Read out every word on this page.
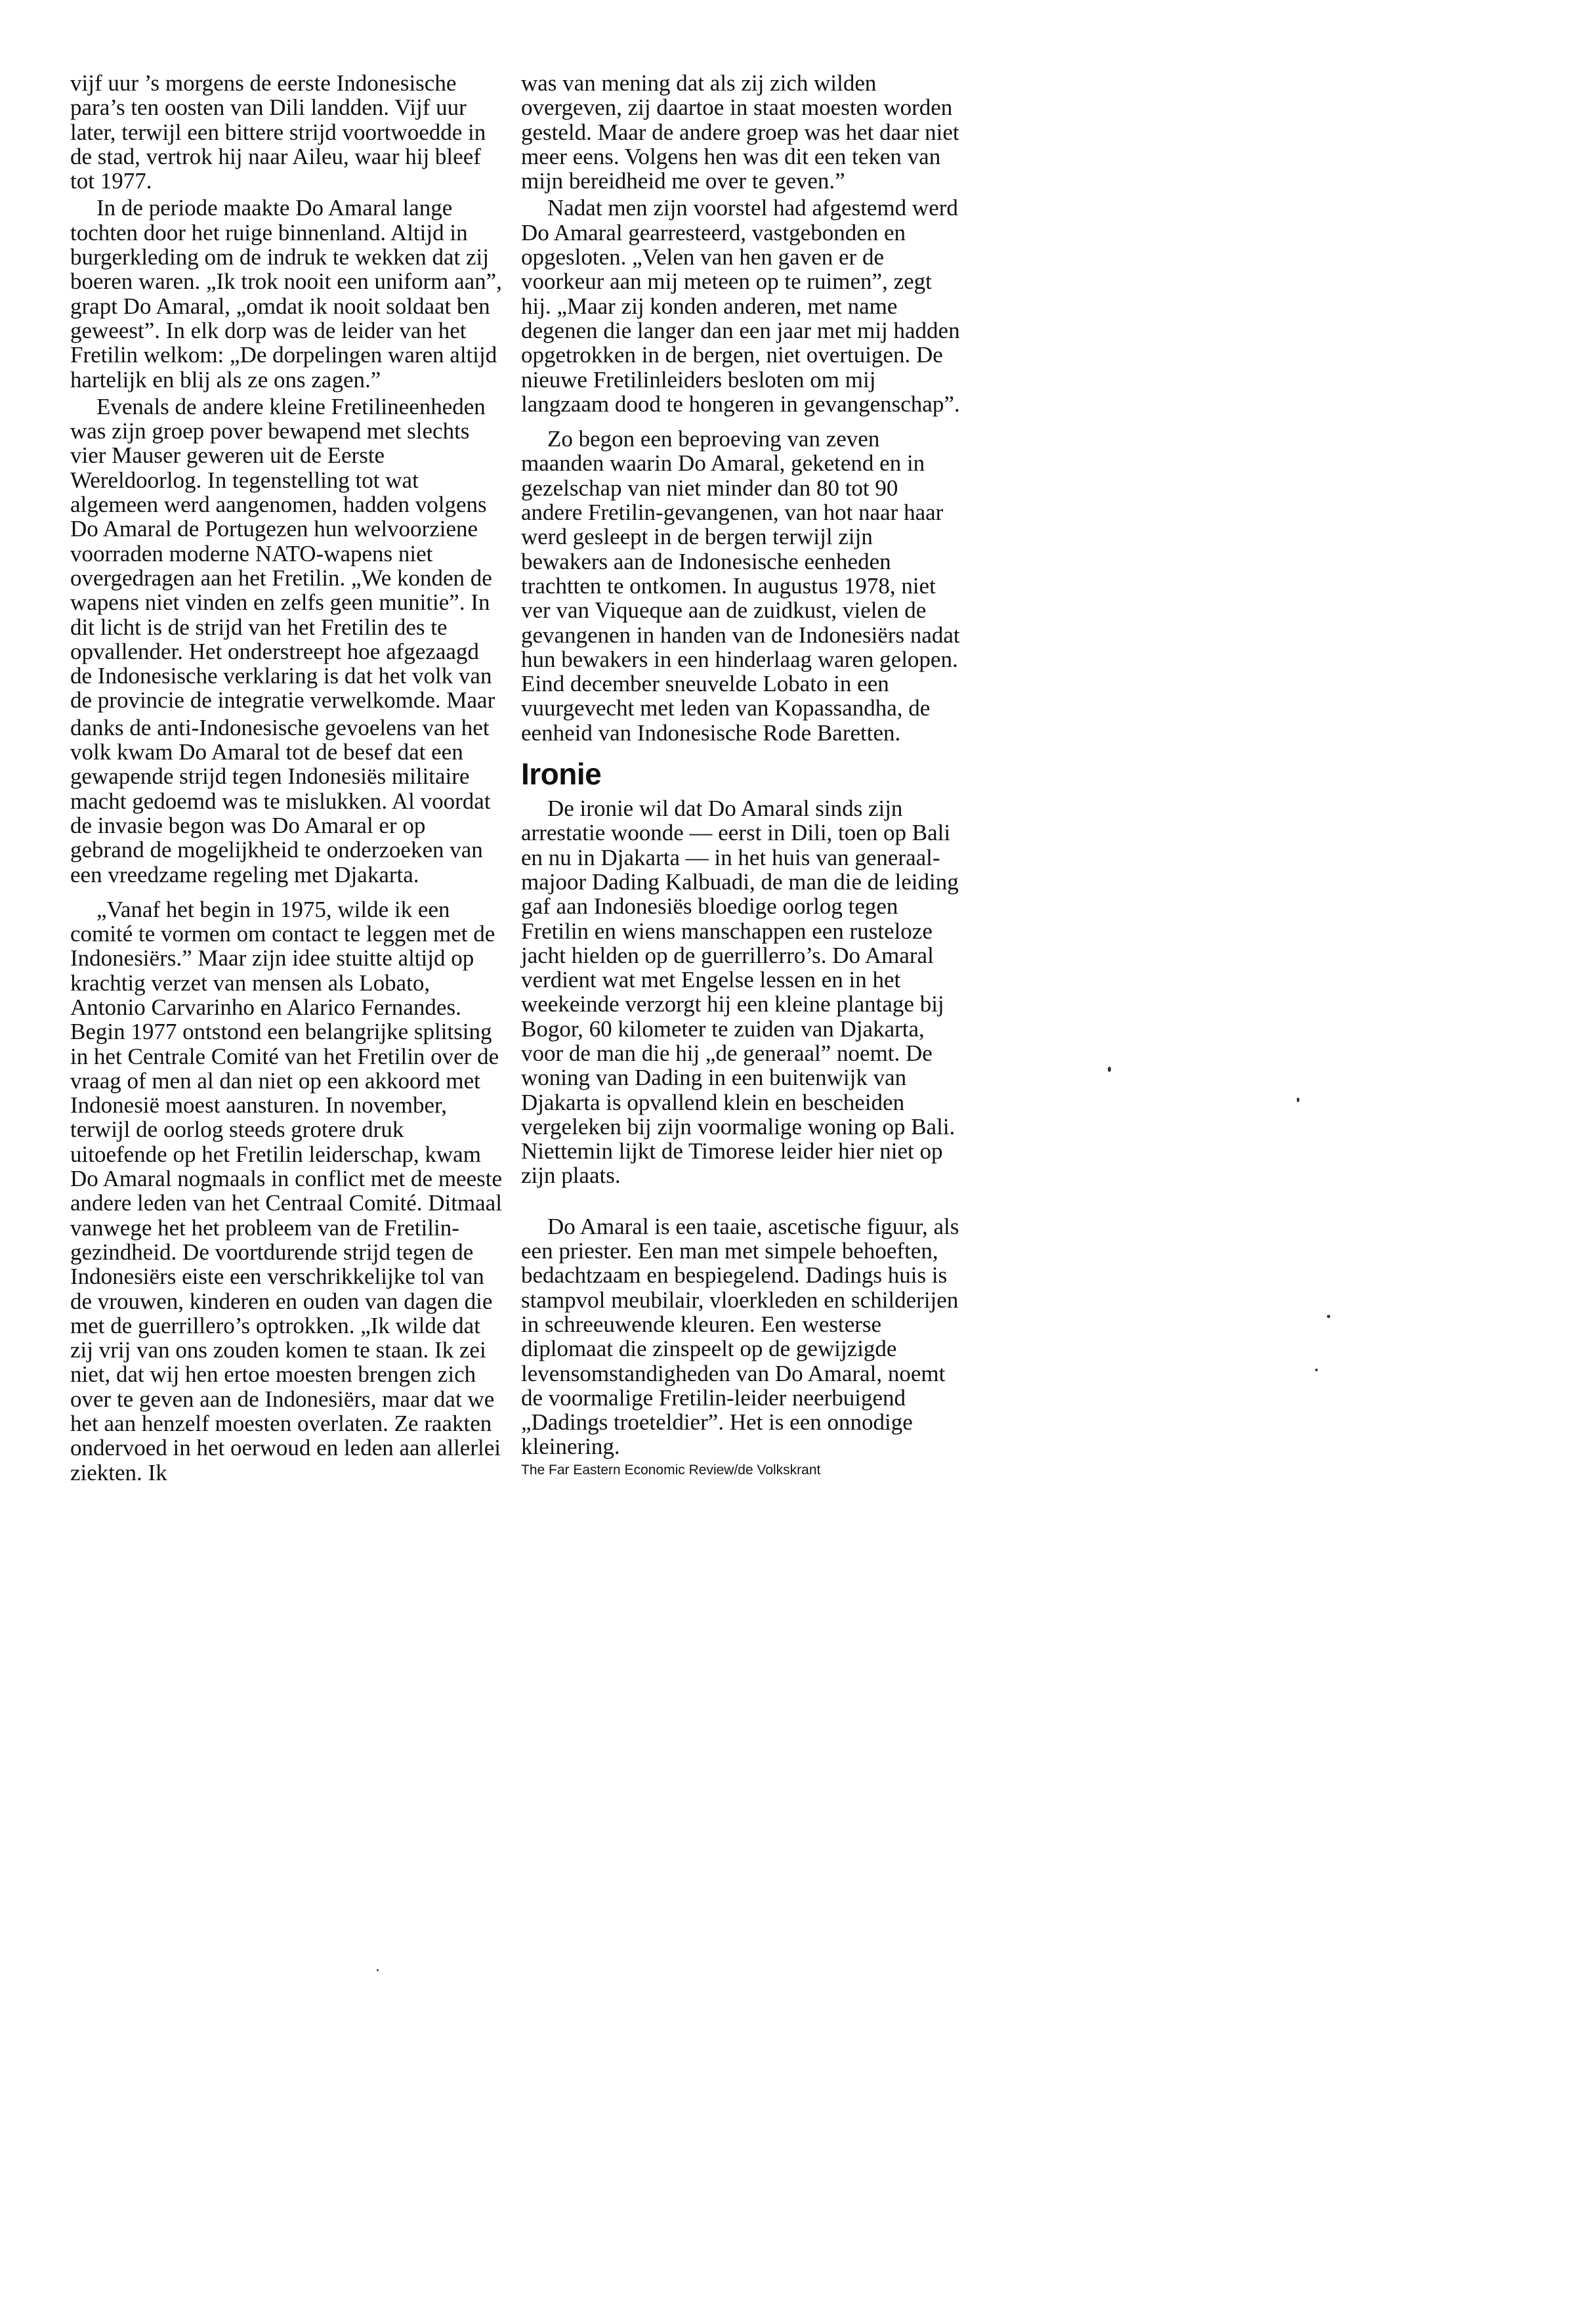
vijf uur ’s morgens de eerste Indonesische para’s ten oosten van Dili landden. Vijf uur later, terwijl een bittere strijd voortwoedde in de stad, vertrok hij naar Aileu, waar hij bleef tot 1977.

In de periode maakte Do Amaral lange tochten door het ruige binnenland. Altijd in burgerkleding om de indruk te wekken dat zij boeren waren. „Ik trok nooit een uniform aan”, grapt Do Amaral, „omdat ik nooit soldaat ben geweest”. In elk dorp was de leider van het Fretilin welkom: „De dorpelingen waren altijd hartelijk en blij als ze ons zagen.”

Evenals de andere kleine Fretilineenheden was zijn groep pover bewapend met slechts vier Mauser geweren uit de Eerste Wereldoorlog. In tegenstelling tot wat algemeen werd aangenomen, hadden volgens Do Amaral de Portugezen hun welvoorziene voorraden moderne NATO-wapens niet overgedragen aan het Fretilin. „We konden de wapens niet vinden en zelfs geen munitie”. In dit licht is de strijd van het Fretilin des te opvallender. Het onderstreept hoe afgezaagd de Indonesische verklaring is dat het volk van de provincie de integratie verwelkomde. Maar

danks de anti-Indonesische gevoelens van het volk kwam Do Amaral tot de besef dat een gewapende strijd tegen Indonesiës militaire macht gedoemd was te mislukken. Al voordat de invasie begon was Do Amaral er op gebrand de mogelijkheid te onderzoeken van een vreedzame regeling met Djakarta.

„Vanaf het begin in 1975, wilde ik een comité te vormen om contact te leggen met de Indonesiërs.” Maar zijn idee stuitte altijd op krachtig verzet van mensen als Lobato, Antonio Carvarinho en Alarico Fernandes. Begin 1977 ontstond een belangrijke splitsing in het Centrale Comité van het Fretilin over de vraag of men al dan niet op een akkoord met Indonesië moest aansturen. In november, terwijl de oorlog steeds grotere druk uitoefende op het Fretilin leiderschap, kwam Do Amaral nogmaals in conflict met de meeste andere leden van het Centraal Comité. Ditmaal vanwege het het probleem van de Fretilin-gezindheid. De voortdurende strijd tegen de Indonesiërs eiste een verschrikkelijke tol van de vrouwen, kinderen en ouden van dagen die met de guerrillero’s optrokken. „Ik wilde dat zij vrij van ons zouden komen te staan. Ik zei niet, dat wij hen ertoe moesten brengen zich over te geven aan de Indonesiërs, maar dat we het aan henzelf moesten overlaten. Ze raakten ondervoed in het oerwoud en leden aan allerlei ziekten. Ik

was van mening dat als zij zich wilden overgeven, zij daartoe in staat moesten worden gesteld. Maar de andere groep was het daar niet meer eens. Volgens hen was dit een teken van mijn bereidheid me over te geven.”

Nadat men zijn voorstel had afgestemd werd Do Amaral gearresteerd, vastgebonden en opgesloten. „Velen van hen gaven er de voorkeur aan mij meteen op te ruimen”, zegt hij. „Maar zij konden anderen, met name degenen die langer dan een jaar met mij hadden opgetrokken in de bergen, niet overtuigen. De nieuwe Fretilinleiders besloten om mij langzaam dood te hongeren in gevangenschap”.

Zo begon een beproeving van zeven maanden waarin Do Amaral, geketend en in gezelschap van niet minder dan 80 tot 90 andere Fretilin-gevangenen, van hot naar haar werd gesleept in de bergen terwijl zijn bewakers aan de Indonesische eenheden trachtten te ontkomen. In augustus 1978, niet ver van Viqueque aan de zuidkust, vielen de gevangenen in handen van de Indonesiërs nadat hun bewakers in een hinderlaag waren gelopen. Eind december sneuvelde Lobato in een vuurgevecht met leden van Kopassandha, de eenheid van Indonesische Rode Baretten.

Ironie

De ironie wil dat Do Amaral sinds zijn arrestatie woonde — eerst in Dili, toen op Bali en nu in Djakarta — in het huis van generaal-majoor Dading Kalbuadi, de man die de leiding gaf aan Indonesiës bloedige oorlog tegen Fretilin en wiens manschappen een rusteloze jacht hielden op de guerrillerro’s. Do Amaral verdient wat met Engelse lessen en in het weekeinde verzorgt hij een kleine plantage bij Bogor, 60 kilometer te zuiden van Djakarta, voor de man die hij „de generaal” noemt. De woning van Dading in een buitenwijk van Djakarta is opvallend klein en bescheiden vergeleken bij zijn voormalige woning op Bali. Niettemin lijkt de Timorese leider hier niet op zijn plaats.

Do Amaral is een taaie, ascetische figuur, als een priester. Een man met simpele behoeften, bedachtzaam en bespiegelend. Dadings huis is stampvol meubilair, vloerkleden en schilderijen in schreeuwende kleuren. Een westerse diplomaat die zinspeelt op de gewijzigde levensomstandigheden van Do Amaral, noemt de voormalige Fretilin-leider neerbuigend „Dadings troeteldier”. Het is een onnodige kleinering.

The Far Eastern Economic Review/de Volkskrant
